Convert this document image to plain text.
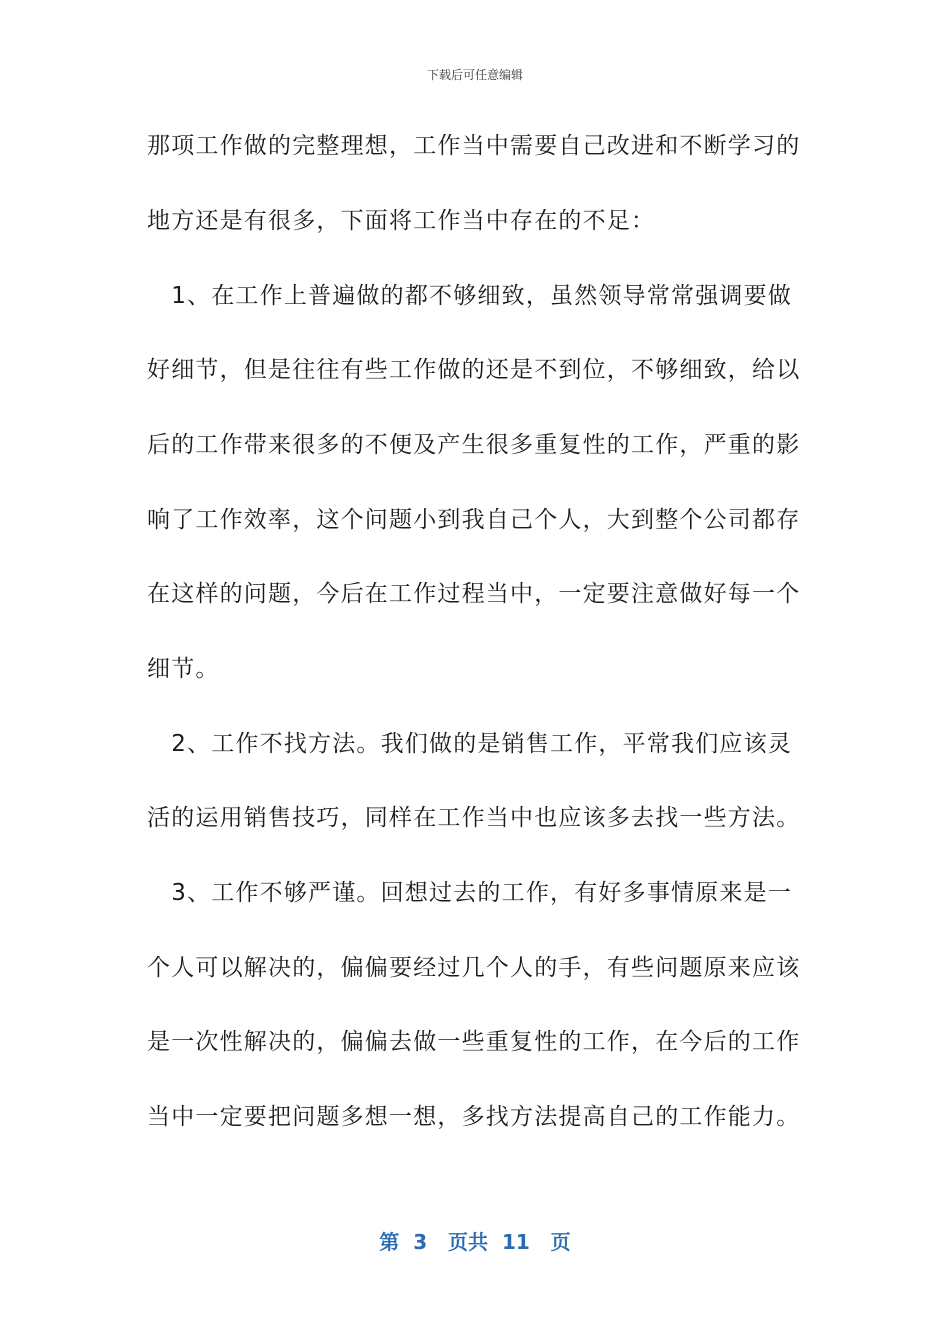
下载后可任意编辑
那项工作做的完整理想，工作当中需要自己改进和不断学习的
地方还是有很多，下面将工作当中存在的不足：
　1、在工作上普遍做的都不够细致，虽然领导常常强调要做
好细节，但是往往有些工作做的还是不到位，不够细致，给以
后的工作带来很多的不便及产生很多重复性的工作，严重的影
响了工作效率，这个问题小到我自己个人，大到整个公司都存
在这样的问题，今后在工作过程当中，一定要注意做好每一个
细节。
　2、工作不找方法。我们做的是销售工作，平常我们应该灵
活的运用销售技巧，同样在工作当中也应该多去找一些方法。
　3、工作不够严谨。回想过去的工作，有好多事情原来是一
个人可以解决的，偏偏要经过几个人的手，有些问题原来应该
是一次性解决的，偏偏去做一些重复性的工作，在今后的工作
当中一定要把问题多想一想，多找方法提高自己的工作能力。
第  3   页共  11   页
